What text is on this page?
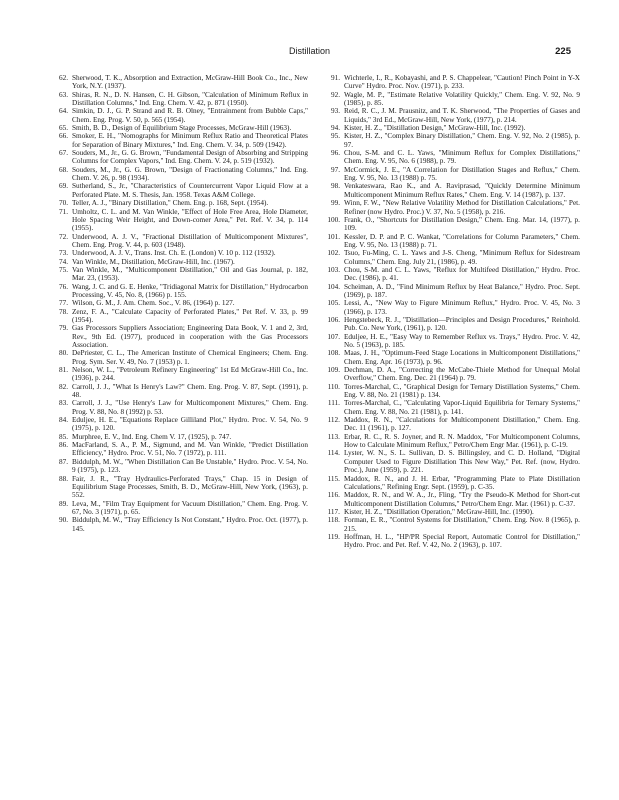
Distillation	225

62. Sherwood, T. K., Absorption and Extraction, McGraw-Hill Book Co., Inc., New York, N.Y. (1937).

63. Shiras, R. N., D. N. Hansen, C. H. Gibson, "Calculation of Minimum Reflux in Distillation Columns," Ind. Eng. Chem. V. 42, p. 871 (1950).

64. Simkin, D. J., G. P. Strand and R. B. Olney, "Entrainment from Bubble Caps," Chem. Eng. Prog. V. 50, p. 565 (1954).

65. Smith, B. D., Design of Equilibrium Stage Processes, McGraw-Hill (1963).

66. Smoker, E. H., "Nomographs for Minimum Reflux Ratio and Theoretical Plates for Separation of Binary Mixtures," Ind. Eng. Chem. V. 34, p. 509 (1942).

67. Souders, M., Jr., G. G. Brown, "Fundamental Design of Absorbing and Stripping Columns for Complex Vapors," Ind. Eng. Chem. V. 24, p. 519 (1932).

68. Souders, M., Jr., G. G. Brown, "Design of Fractionating Columns," Ind. Eng. Chem. V. 26, p. 98 (1934).

69. Sutherland, S., Jr., "Characteristics of Countercurrent Vapor Liquid Flow at a Perforated Plate. M. S. Thesis, Jan. 1958. Texas A&M College.

70. Teller, A. J., "Binary Distillation," Chem. Eng. p. 168, Sept. (1954).

71. Umholtz, C. L. and M. Van Winkle, "Effect of Hole Free Area, Hole Diameter, Hole Spacing Weir Height, and Down-comer Area," Pet. Ref. V. 34, p. 114 (1955).

72. Underwood, A. J. V., "Fractional Distillation of Multicomponent Mixtures", Chem. Eng. Prog. V. 44, p. 603 (1948).

73. Underwood, A. J. V., Trans. Inst. Ch. E. (London) V. 10 p. 112 (1932).

74. Van Winkle, M., Distillation, McGraw-Hill, Inc. (1967).

75. Van Winkle, M., "Multicomponent Distillation," Oil and Gas Journal, p. 182, Mar. 23, (1953).

76. Wang, J. C. and G. E. Henke, "Tridiagonal Matrix for Distillation," Hydrocarbon Processing, V. 45, No. 8, (1966) p. 155.

77. Wilson, G. M., J. Am. Chem. Soc., V. 86, (1964) p. 127.

78. Zenz, F. A., "Calculate Capacity of Perforated Plates," Pet Ref. V. 33, p. 99 (1954).

79. Gas Processors Suppliers Association; Engineering Data Book, V. 1 and 2, 3rd, Rev., 9th Ed. (1977), produced in cooperation with the Gas Processors Association.

80. DePriester, C. L., The American Institute of Chemical Engineers; Chem. Eng. Prog. Sym. Ser. V. 49, No. 7 (1953) p. 1.

81. Nelson, W. L., "Petroleum Refinery Engineering" 1st Ed McGraw-Hill Co., Inc. (1936), p. 244.

82. Carroll, J. J., "What Is Henry's Law?" Chem. Eng. Prog. V. 87, Sept. (1991), p. 48.

83. Carroll, J. J., "Use Henry's Law for Multicomponent Mixtures," Chem. Eng. Prog. V. 88, No. 8 (1992) p. 53.

84. Eduljee, H. E., "Equations Replace Gilliland Plot," Hydro. Proc. V. 54, No. 9 (1975), p. 120.

85. Murphree, E. V., Ind. Eng. Chem V. 17, (1925), p. 747.

86. MacFarland, S. A., P. M., Sigmund, and M. Van Winkle, "Predict Distillation Efficiency," Hydro. Proc. V. 51, No. 7 (1972), p. 111.

87. Biddulph, M. W., "When Distillation Can Be Unstable," Hydro. Proc. V. 54, No. 9 (1975), p. 123.

88. Fair, J. R., "Tray Hydraulics-Perforated Trays," Chap. 15 in Design of Equilibrium Stage Processes, Smith, B. D., McGraw-Hill, New York, (1963), p. 552.

89. Leva, M., "Film Tray Equipment for Vacuum Distillation," Chem. Eng. Prog. V. 67, No. 3 (1971), p. 65.

90. Biddulph, M. W., "Tray Efficiency Is Not Constant," Hydro. Proc. Oct. (1977), p. 145.

91. Wichterle, I., R., Kobayashi, and P. S. Chappelear, "Caution! Pinch Point in Y-X Curve" Hydro. Proc. Nov. (1971), p. 233.

92. Wagle, M. P., "Estimate Relative Volatility Quickly," Chem. Eng. V. 92, No. 9 (1985), p. 85.

93. Reid, R. C., J. M. Prausnitz, and T. K. Sherwood, "The Properties of Gases and Liquids," 3rd Ed., McGraw-Hill, New York, (1977), p. 214.

94. Kister, H. Z., "Distillation Design," McGraw-Hill, Inc. (1992).

95. Kister, H. Z., "Complex Binary Distillation," Chem. Eng. V. 92, No. 2 (1985), p. 97.

96. Chou, S-M. and C. L. Yaws, "Minimum Reflux for Complex Distillations," Chem. Eng. V. 95, No. 6 (1988), p. 79.

97. McCormick, J. E., "A Correlation for Distillation Stages and Reflux," Chem. Eng. V. 95, No. 13 (1988) p. 75.

98. Venkateswara, Rao K., and A. Raviprasad, "Quickly Determine Minimum Multicomponent Minimum Reflux Rates," Chem. Eng. V. 14 (1987), p. 137.

99. Winn, F. W., "New Relative Volatility Method for Distillation Calculations," Pet. Refiner (now Hydro. Proc.) V. 37, No. 5 (1958), p. 216.

100. Frank, O., "Shortcuts for Distillation Design," Chem. Eng. Mar. 14, (1977), p. 109.

101. Kessler, D. P. and P. C. Wankat, "Correlations for Column Parameters," Chem. Eng. V. 95, No. 13 (1988) p. 71.

102. Tsuo, Fu-Ming, C. L. Yaws and J-S. Cheng, "Minimum Reflux for Sidestream Columns," Chem. Eng. July 21, (1986), p. 49.

103. Chou, S-M. and C. L. Yaws, "Reflux for Multifeed Distillation," Hydro. Proc. Dec. (1986), p. 41.

104. Scheiman, A. D., "Find Minimum Reflux by Heat Balance," Hydro. Proc. Sept. (1969), p. 187.

105. Lessi, A., "New Way to Figure Minimum Reflux," Hydro. Proc. V. 45, No. 3 (1966), p. 173.

106. Hengstebeck, R. J., "Distillation—Principles and Design Procedures," Reinhold. Pub. Co. New York, (1961), p. 120.

107. Eduljee, H. E., "Easy Way to Remember Reflux vs. Trays," Hydro. Proc. V. 42, No. 5 (1963), p. 185.

108. Maas, J. H., "Optimum-Feed Stage Locations in Multicomponent Distillations," Chem. Eng. Apr. 16 (1973), p. 96.

109. Dechman, D. A., "Correcting the McCabe-Thiele Method for Unequal Molal Overflow," Chem. Eng. Dec. 21 (1964) p. 79.

110. Torres-Marchal, C., "Graphical Design for Ternary Distillation Systems," Chem. Eng. V. 88, No. 21 (1981) p. 134.

111. Torres-Marchal, C., "Calculating Vapor-Liquid Equilibria for Ternary Systems," Chem. Eng. V. 88, No. 21 (1981), p. 141.

112. Maddox, R. N., "Calculations for Multicomponent Distillation," Chem. Eng. Dec. 11 (1961), p. 127.

113. Erbar, R. C., R. S. Joyner, and R. N. Maddox, "For Multicomponent Columns, How to Calculate Minimum Reflux," Petro/Chem Engr Mar. (1961), p. C-19.

114. Lyster, W. N., S. L. Sullivan, D. S. Billingsley, and C. D. Holland, "Digital Computer Used to Figure Distillation This New Way," Pet. Ref. (now, Hydro. Proc.), June (1959), p. 221.

115. Maddox, R. N., and J. H. Erbar, "Programming Plate to Plate Distillation Calculations," Refining Engr. Sept. (1959), p. C-35.

116. Maddox, R. N., and W. A., Jr., Fling, "Try the Pseudo-K Method for Short-cut Multicomponent Distillation Columns," Petro/Chem Engr. Mar. (1961) p. C-37.

117. Kister, H. Z., "Distillation Operation," McGraw-Hill, Inc. (1990).

118. Forman, E. R., "Control Systems for Distillation," Chem. Eng. Nov. 8 (1965), p. 215.

119. Hoffman, H. L., "HP/PR Special Report, Automatic Control for Distillation," Hydro. Proc. and Pet. Ref. V. 42, No. 2 (1963), p. 107.
